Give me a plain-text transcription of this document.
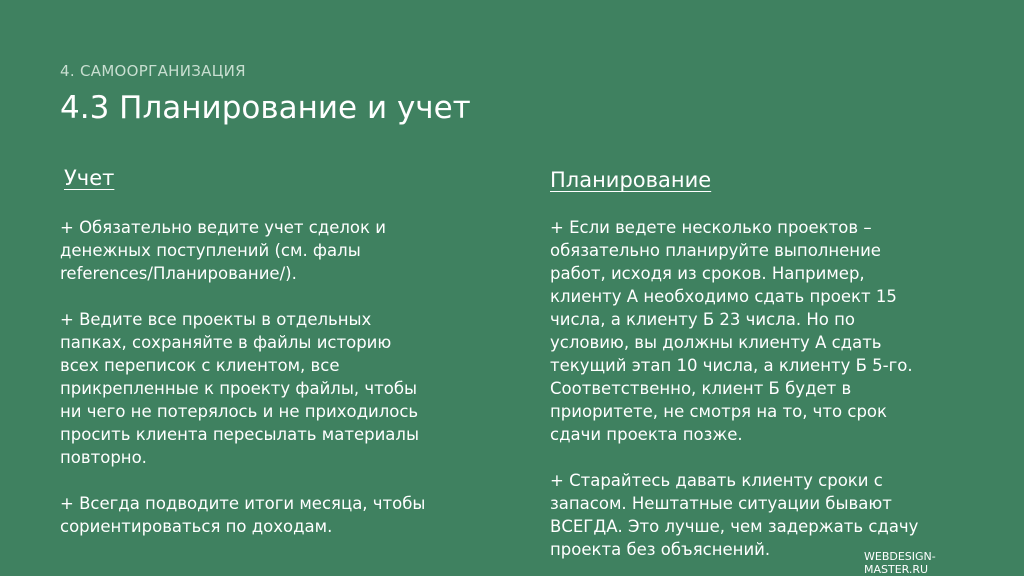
4. САМООРГАНИЗАЦИЯ
4.3 Планирование и учет
Учет

+ Обязательно ведите учет сделок и
денежных поступлений (см. фалы
references/Планирование/).

+ Ведите все проекты в отдельных
папках, сохраняйте в файлы историю
всех переписок с клиентом, все
прикрепленные к проекту файлы, чтобы
ни чего не потерялось и не приходилось
просить клиента пересылать материалы
повторно.

+ Всегда подводите итоги месяца, чтобы
сориентироваться по доходам.

Планирование

+ Если ведете несколько проектов –
обязательно планируйте выполнение
работ, исходя из сроков. Например,
клиенту А необходимо сдать проект 15
числа, а клиенту Б 23 числа. Но по
условию, вы должны клиенту А сдать
текущий этап 10 числа, а клиенту Б 5-го.
Соответственно, клиент Б будет в
приоритете, не смотря на то, что срок
сдачи проекта позже.

+ Старайтесь давать клиенту сроки с
запасом. Нештатные ситуации бывают
ВСЕГДА. Это лучше, чем задержать сдачу
проекта без объяснений.	WEBDESIGN-
MASTER.RU
